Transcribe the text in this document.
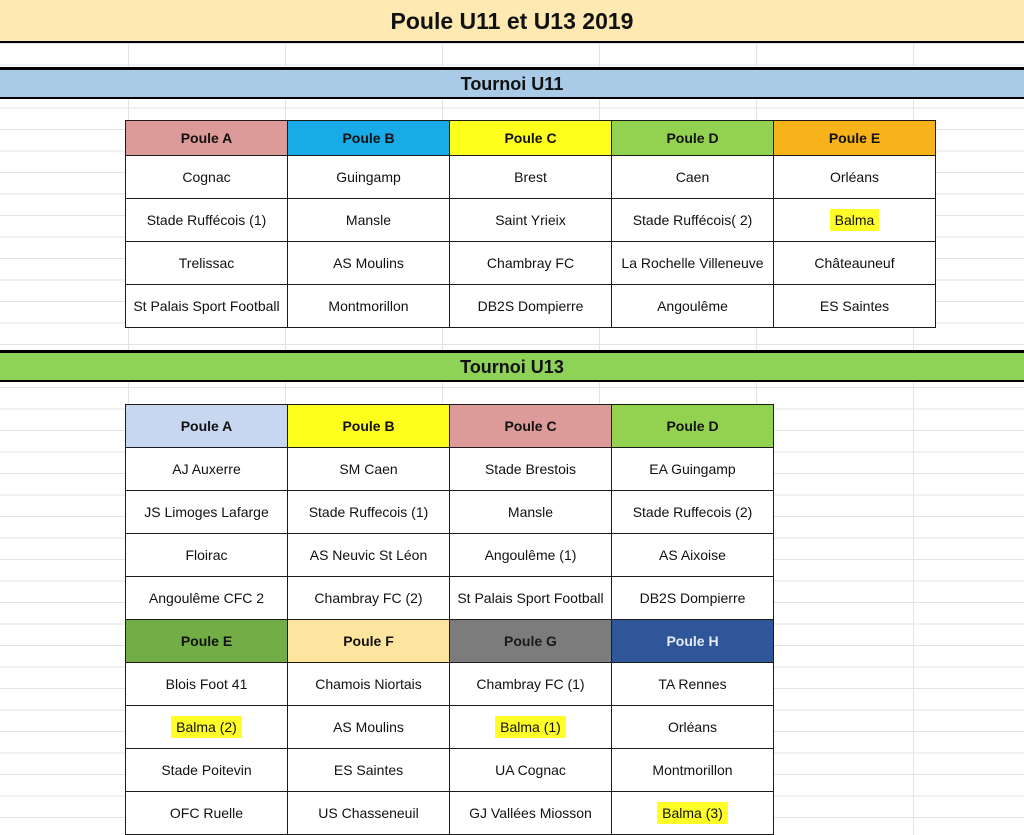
Poule U11 et U13 2019
Tournoi U11
Poule A	Poule B	Poule C	Poule D	Poule E
Cognac	Guingamp	Brest	Caen	Orléans
Stade Ruffécois (1)	Mansle	Saint Yrieix	Stade Ruffécois( 2)	Balma
Trelissac	AS Moulins	Chambray FC	La Rochelle Villeneuve	Châteauneuf
St Palais Sport Football	Montmorillon	DB2S Dompierre	Angoulême	ES Saintes
Tournoi U13
Poule A	Poule B	Poule C	Poule D
AJ Auxerre	SM Caen	Stade Brestois	EA Guingamp
JS Limoges Lafarge	Stade Ruffecois (1)	Mansle	Stade Ruffecois (2)
Floirac	AS Neuvic St Léon	Angoulême (1)	AS Aixoise
Angoulême CFC 2	Chambray FC (2)	St Palais Sport Football	DB2S Dompierre
Poule E	Poule F	Poule G	Poule H
Blois Foot 41	Chamois Niortais	Chambray FC (1)	TA Rennes
Balma (2)	AS Moulins	Balma (1)	Orléans
Stade Poitevin	ES Saintes	UA Cognac	Montmorillon
OFC Ruelle	US Chasseneuil	GJ Vallées Miosson	Balma (3)
